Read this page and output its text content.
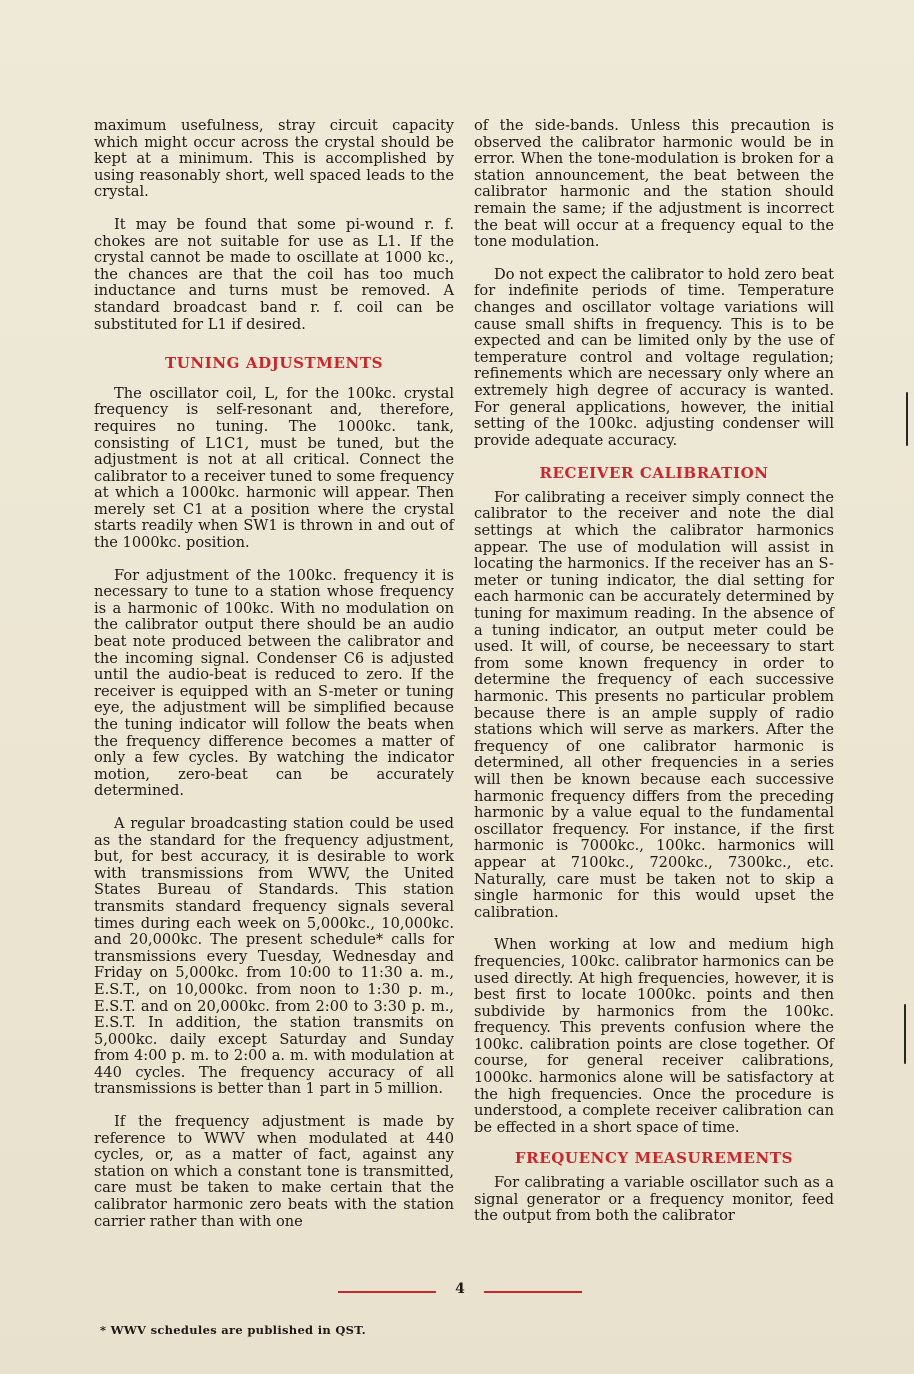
maximum usefulness, stray circuit capacity which might occur across the crystal should be kept at a minimum. This is accomplished by using reasonably short, well spaced leads to the crystal.

It may be found that some pi-wound r. f. chokes are not suitable for use as L1. If the crystal cannot be made to oscillate at 1000 kc., the chances are that the coil has too much inductance and turns must be removed. A standard broadcast band r. f. coil can be substituted for L1 if desired.

TUNING ADJUSTMENTS

The oscillator coil, L, for the 100kc. crystal frequency is self-resonant and, therefore, requires no tuning. The 1000kc. tank, consisting of L1C1, must be tuned, but the adjustment is not at all critical. Connect the calibrator to a receiver tuned to some frequency at which a 1000kc. harmonic will appear. Then merely set C1 at a position where the crystal starts readily when SW1 is thrown in and out of the 1000kc. position.

For adjustment of the 100kc. frequency it is necessary to tune to a station whose frequency is a harmonic of 100kc. With no modulation on the calibrator output there should be an audio beat note produced between the calibrator and the incoming signal. Condenser C6 is adjusted until the audio-beat is reduced to zero. If the receiver is equipped with an S-meter or tuning eye, the adjustment will be simplified because the tuning indicator will follow the beats when the frequency difference becomes a matter of only a few cycles. By watching the indicator motion, zero-beat can be accurately determined.

A regular broadcasting station could be used as the standard for the frequency adjustment, but, for best accuracy, it is desirable to work with transmissions from WWV, the United States Bureau of Standards. This station transmits standard frequency signals several times during each week on 5,000kc., 10,000kc. and 20,000kc. The present schedule* calls for transmissions every Tuesday, Wednesday and Friday on 5,000kc. from 10:00 to 11:30 a. m., E.S.T., on 10,000kc. from noon to 1:30 p. m., E.S.T. and on 20,000kc. from 2:00 to 3:30 p. m., E.S.T. In addition, the station transmits on 5,000kc. daily except Saturday and Sunday from 4:00 p. m. to 2:00 a. m. with modulation at 440 cycles. The frequency accuracy of all transmissions is better than 1 part in 5 million.

If the frequency adjustment is made by reference to WWV when modulated at 440 cycles, or, as a matter of fact, against any station on which a constant tone is transmitted, care must be taken to make certain that the calibrator harmonic zero beats with the station carrier rather than with one

of the side-bands. Unless this precaution is observed the calibrator harmonic would be in error. When the tone-modulation is broken for a station announcement, the beat between the calibrator harmonic and the station should remain the same; if the adjustment is incorrect the beat will occur at a frequency equal to the tone modulation.

Do not expect the calibrator to hold zero beat for indefinite periods of time. Temperature changes and oscillator voltage variations will cause small shifts in frequency. This is to be expected and can be limited only by the use of temperature control and voltage regulation; refinements which are necessary only where an extremely high degree of accuracy is wanted. For general applications, however, the initial setting of the 100kc. adjusting condenser will provide adequate accuracy.

RECEIVER CALIBRATION

For calibrating a receiver simply connect the calibrator to the receiver and note the dial settings at which the calibrator harmonics appear. The use of modulation will assist in locating the harmonics. If the receiver has an S-meter or tuning indicator, the dial setting for each harmonic can be accurately determined by tuning for maximum reading. In the absence of a tuning indicator, an output meter could be used. It will, of course, be neceessary to start from some known frequency in order to determine the frequency of each successive harmonic. This presents no particular problem because there is an ample supply of radio stations which will serve as markers. After the frequency of one calibrator harmonic is determined, all other frequencies in a series will then be known because each successive harmonic frequency differs from the preceding harmonic by a value equal to the fundamental oscillator frequency. For instance, if the first harmonic is 7000kc., 100kc. harmonics will appear at 7100kc., 7200kc., 7300kc., etc. Naturally, care must be taken not to skip a single harmonic for this would upset the calibration.

When working at low and medium high frequencies, 100kc. calibrator harmonics can be used directly. At high frequencies, however, it is best first to locate 1000kc. points and then subdivide by harmonics from the 100kc. frequency. This prevents confusion where the 100kc. calibration points are close together. Of course, for general receiver calibrations, 1000kc. harmonics alone will be satisfactory at the high frequencies. Once the procedure is understood, a complete receiver calibration can be effected in a short space of time.

FREQUENCY MEASUREMENTS

For calibrating a variable oscillator such as a signal generator or a frequency monitor, feed the output from both the calibrator

4
* WWV schedules are published in QST.
